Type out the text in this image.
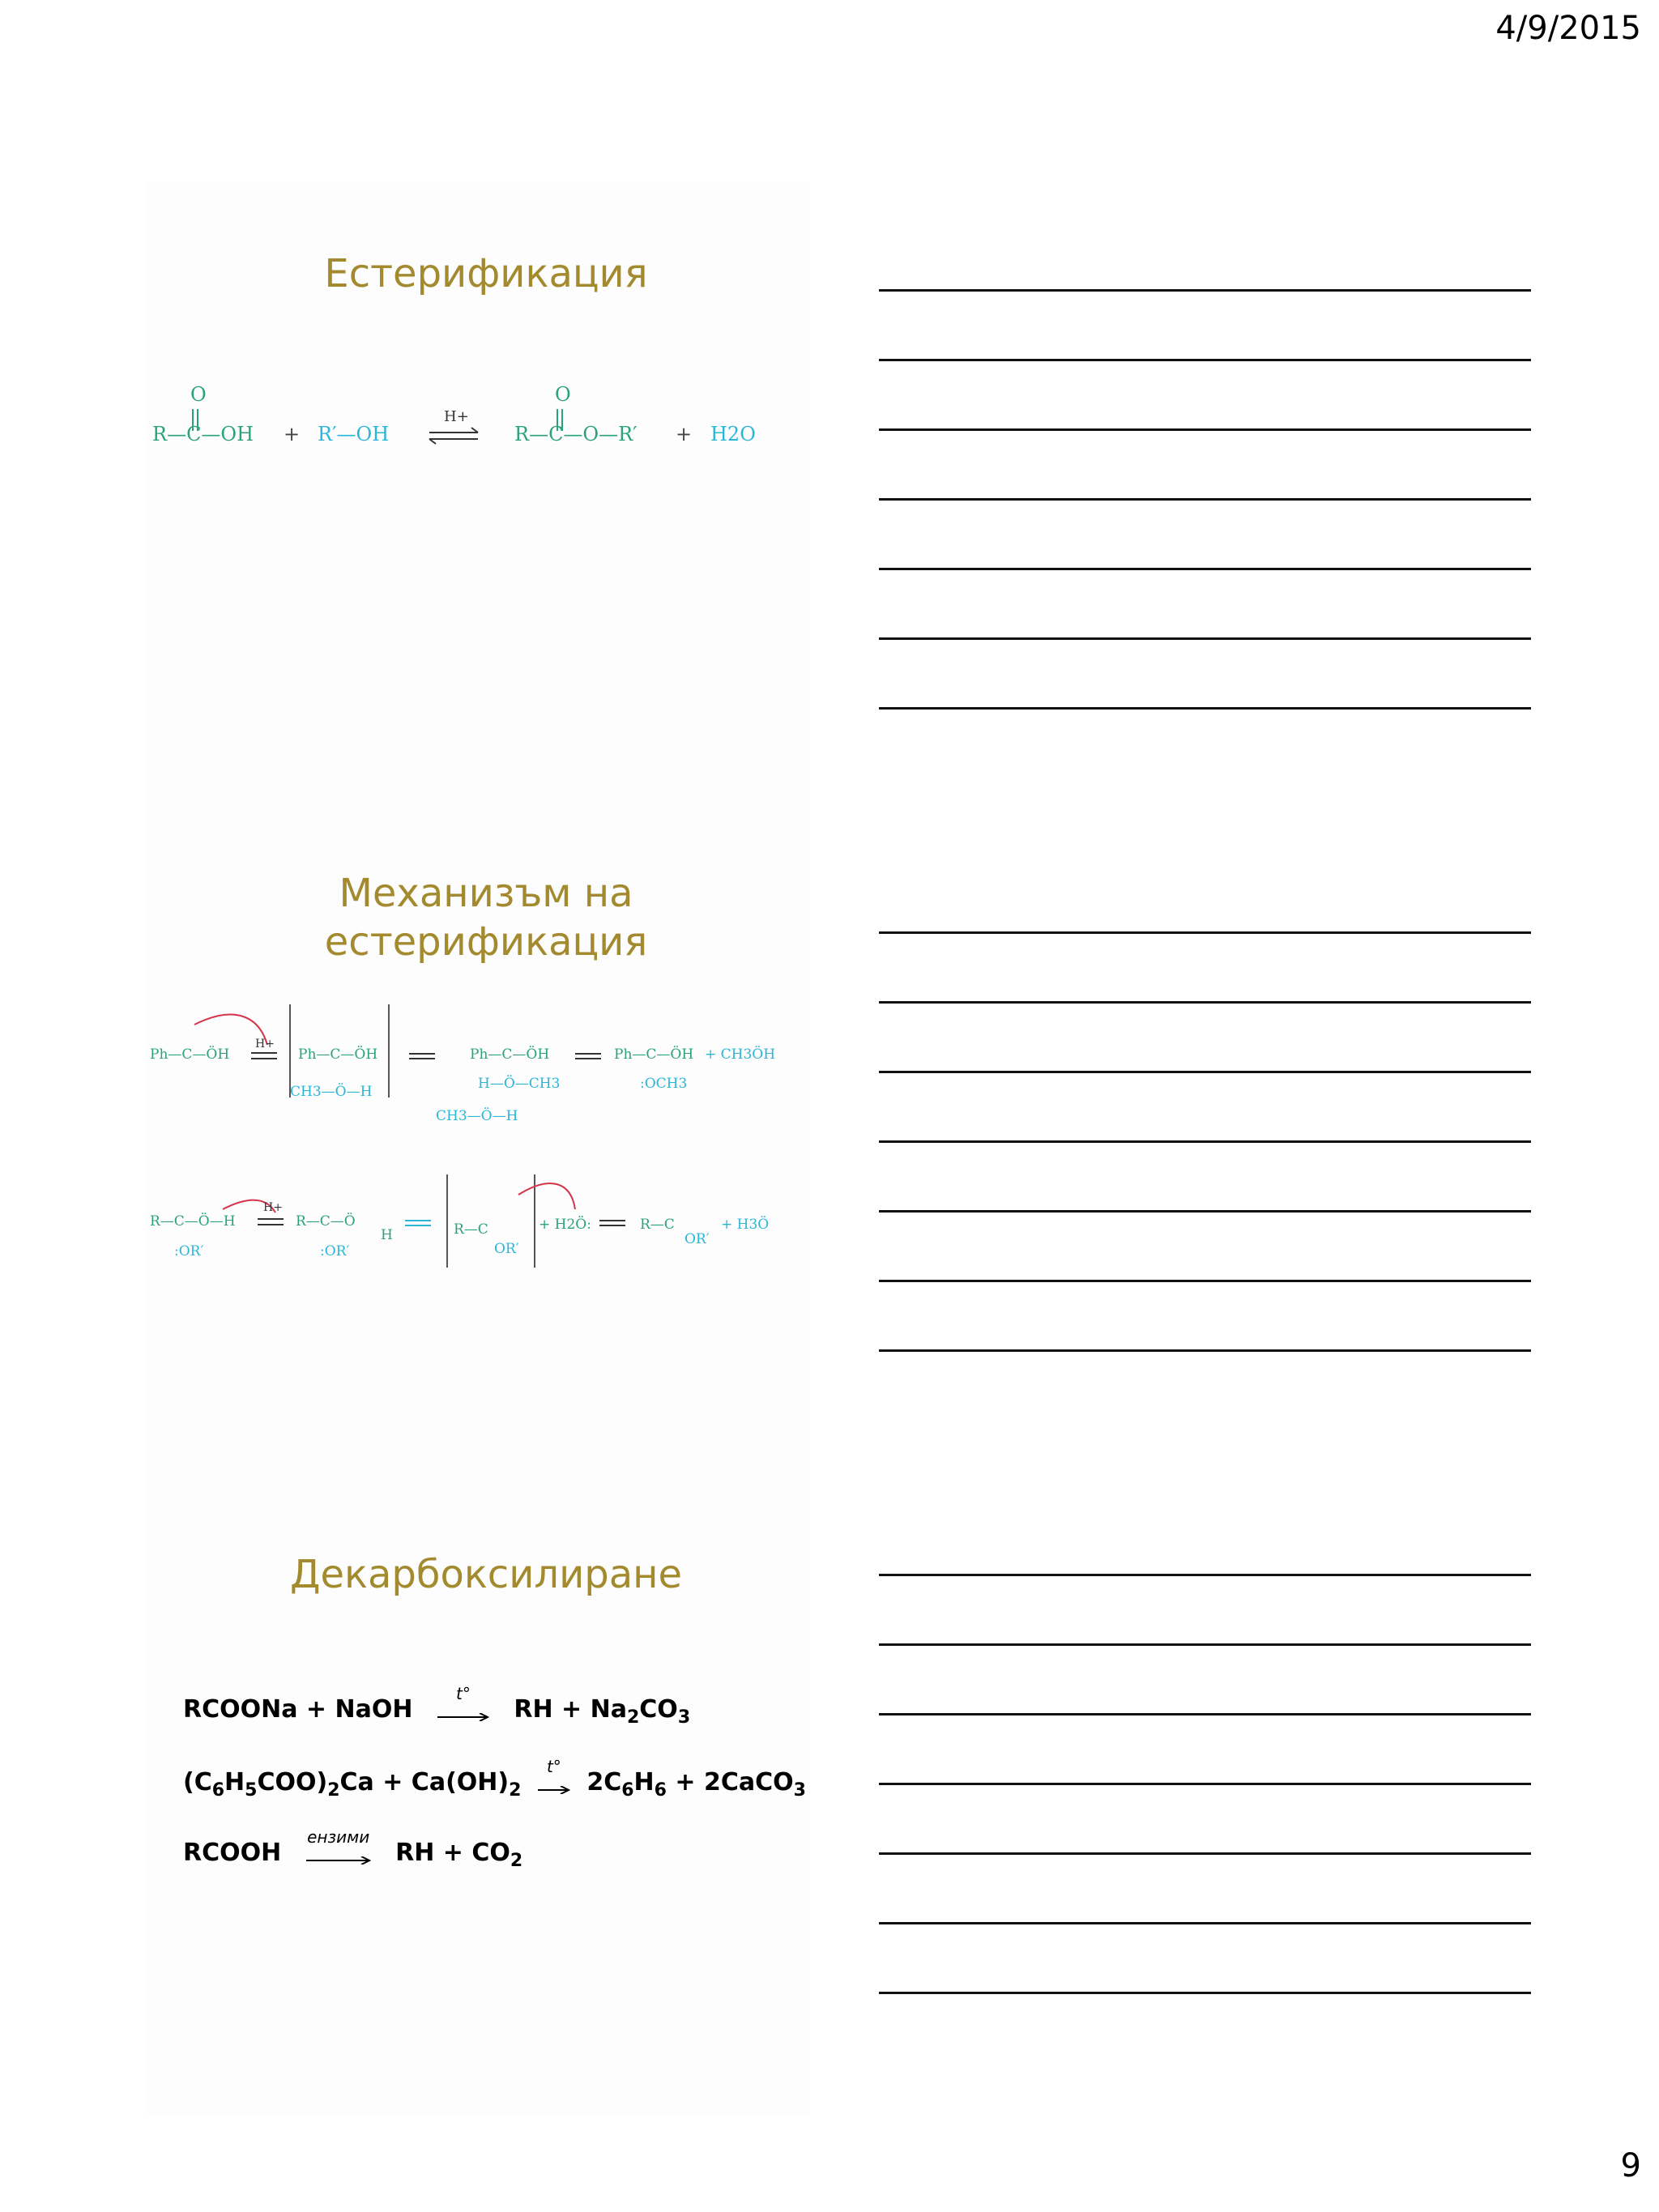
4/9/2015
Естерификация
O
R—C—OH + R′—OH
H+
O
R—C—O—R′ + H2O
Механизъм на
естерификация
Ph—C—ÖH
H+
Ph—C—ÖH
CH3—Ö—H
Ph—C—ÖH
H—Ö—CH3
CH3—Ö—H
Ph—C—ÖH
:OCH3
+ CH3ÖH
R—C—Ö—H
:OR′
H+
R—C—Ö
:OR′
H	R—C
OR′
+ H2Ö:	R—C
OR′
+ H3Ö
Декарбоксилиране
RCOONa + NaOH
t°
RH + $Na_2CO_3$
$(C_6H_5COO)_2Ca + Ca(OH)_2$
t°
$2C_6H_6$ + 2CaCO$_3$
RCOOH
ензими
RH + $CO_2$
9
